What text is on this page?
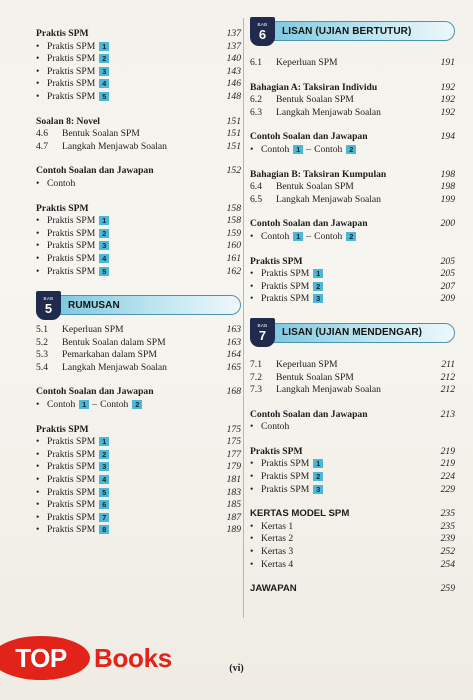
Praktis SPM	137
• Praktis SPM 1	137
• Praktis SPM 2	140
• Praktis SPM 3	143
• Praktis SPM 4	146
• Praktis SPM 5	148
Soalan 8: Novel	151
4.6	Bentuk Soalan SPM	151
4.7	Langkah Menjawab Soalan	151
Contoh Soalan dan Jawapan	152
• Contoh
Praktis SPM	158
• Praktis SPM 1	158
• Praktis SPM 2	159
• Praktis SPM 3	160
• Praktis SPM 4	161
• Praktis SPM 5	162
BAB
5 RUMUSAN
5.1	Keperluan SPM	163
5.2	Bentuk Soalan dalam SPM	163
5.3	Pemarkahan dalam SPM	164
5.4	Langkah Menjawab Soalan	165
Contoh Soalan dan Jawapan	168
• Contoh 1 – Contoh 2
Praktis SPM	175
• Praktis SPM 1	175
• Praktis SPM 2	177
• Praktis SPM 3	179
• Praktis SPM 4	181
• Praktis SPM 5	183
• Praktis SPM 6	185
• Praktis SPM 7	187
• Praktis SPM 8	189
BAB
6 LISAN (UJIAN BERTUTUR)
6.1	Keperluan SPM	191
Bahagian A: Taksiran Individu	192
6.2	Bentuk Soalan SPM	192
6.3	Langkah Menjawab Soalan	192
Contoh Soalan dan Jawapan	194
• Contoh 1 – Contoh 2
Bahagian B: Taksiran Kumpulan	198
6.4	Bentuk Soalan SPM	198
6.5	Langkah Menjawab Soalan	199
Contoh Soalan dan Jawapan	200
• Contoh 1 – Contoh 2
Praktis SPM	205
• Praktis SPM 1	205
• Praktis SPM 2	207
• Praktis SPM 3	209
BAB
7 LISAN (UJIAN MENDENGAR)
7.1	Keperluan SPM	211
7.2	Bentuk Soalan SPM	212
7.3	Langkah Menjawab Soalan	212
Contoh Soalan dan Jawapan	213
• Contoh
Praktis SPM	219
• Praktis SPM 1	219
• Praktis SPM 2	224
• Praktis SPM 3	229
KERTAS MODEL SPM	235
• Kertas 1	235
• Kertas 2	239
• Kertas 3	252
• Kertas 4	254
JAWAPAN	259
(vi)
TOP	Books
